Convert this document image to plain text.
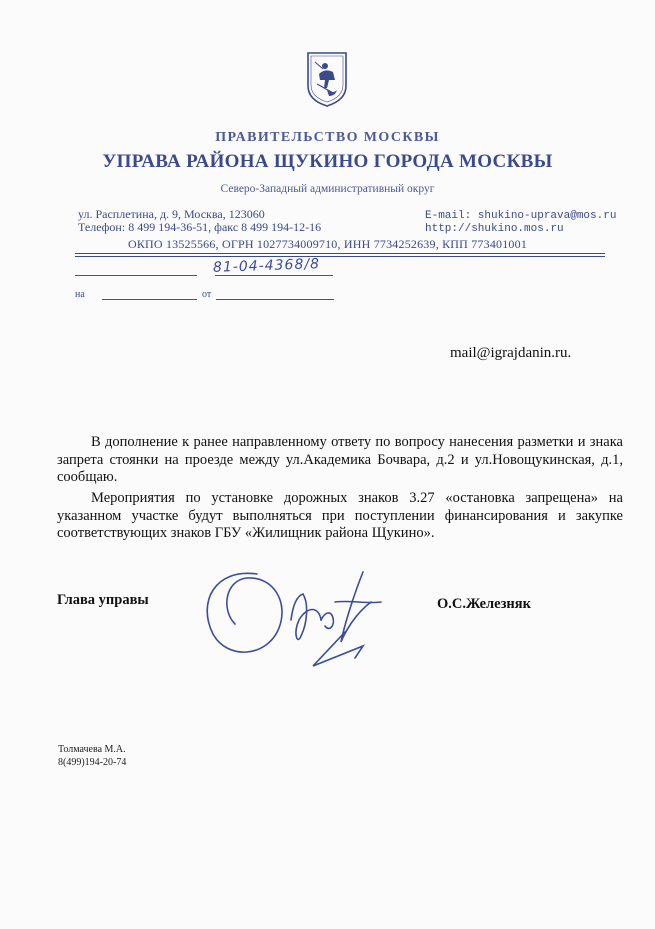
ПРАВИТЕЛЬСТВО МОСКВЫ
УПРАВА РАЙОНА ЩУКИНО ГОРОДА МОСКВЫ
Северо-Западный административный округ
ул. Расплетина, д. 9, Москва, 123060
Телефон: 8 499 194-36-51, факс 8 499 194-12-16
E-mail: shukino-uprava@mos.ru
http://shukino.mos.ru
ОКПО 13525566, ОГРН 1027734009710, ИНН 7734252639, КПП 773401001
81-04-4368/8
на	от
mail@igrajdanin.ru.
В дополнение к ранее направленному ответу по вопросу нанесения разметки и знака запрета стоянки на проезде между ул.Академика Бочвара, д.2 и ул.Новощукинская, д.1, сообщаю.
Мероприятия по установке дорожных знаков 3.27 «остановка запрещена» на указанном участке будут выполняться при поступлении финансирования и закупке соответствующих знаков ГБУ «Жилищник района Щукино».
Глава управы	О.С.Железняк
Толмачева М.А.
8(499)194-20-74
